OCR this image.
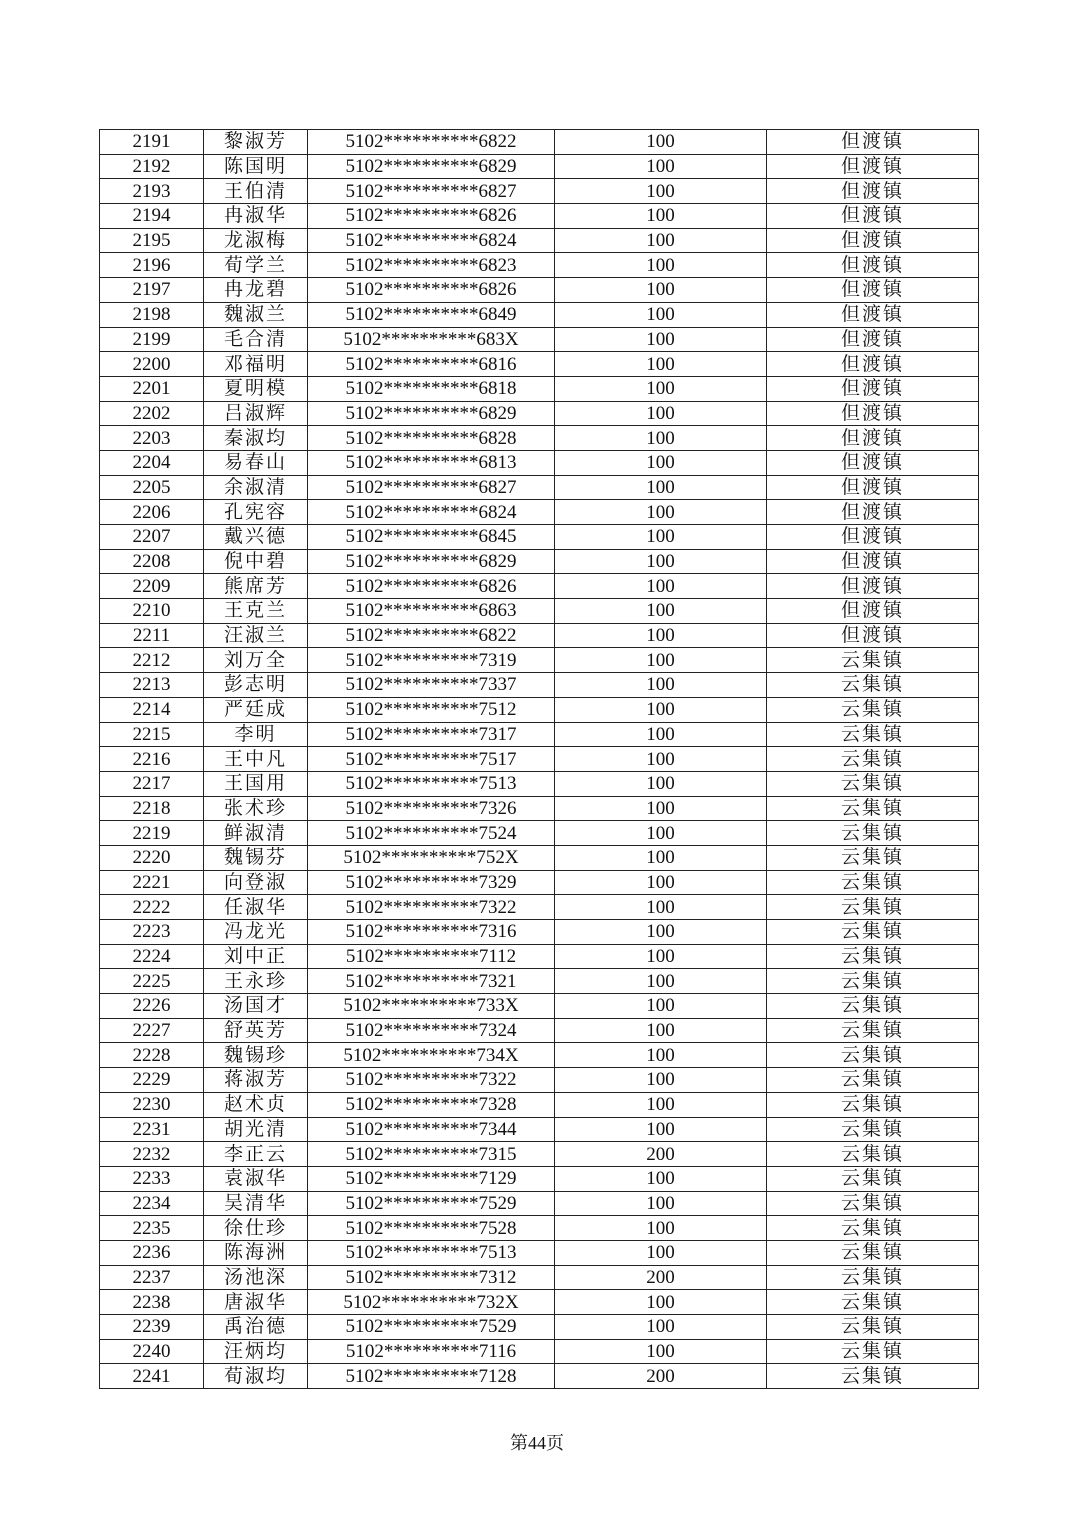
2191	黎淑芳	5102**********6822	100	但渡镇
2192	陈国明	5102**********6829	100	但渡镇
2193	王伯清	5102**********6827	100	但渡镇
2194	冉淑华	5102**********6826	100	但渡镇
2195	龙淑梅	5102**********6824	100	但渡镇
2196	荀学兰	5102**********6823	100	但渡镇
2197	冉龙碧	5102**********6826	100	但渡镇
2198	魏淑兰	5102**********6849	100	但渡镇
2199	毛合清	5102**********683X	100	但渡镇
2200	邓福明	5102**********6816	100	但渡镇
2201	夏明模	5102**********6818	100	但渡镇
2202	吕淑辉	5102**********6829	100	但渡镇
2203	秦淑均	5102**********6828	100	但渡镇
2204	易春山	5102**********6813	100	但渡镇
2205	余淑清	5102**********6827	100	但渡镇
2206	孔宪容	5102**********6824	100	但渡镇
2207	戴兴德	5102**********6845	100	但渡镇
2208	倪中碧	5102**********6829	100	但渡镇
2209	熊席芳	5102**********6826	100	但渡镇
2210	王克兰	5102**********6863	100	但渡镇
2211	汪淑兰	5102**********6822	100	但渡镇
2212	刘万全	5102**********7319	100	云集镇
2213	彭志明	5102**********7337	100	云集镇
2214	严廷成	5102**********7512	100	云集镇
2215	李明	5102**********7317	100	云集镇
2216	王中凡	5102**********7517	100	云集镇
2217	王国用	5102**********7513	100	云集镇
2218	张术珍	5102**********7326	100	云集镇
2219	鲜淑清	5102**********7524	100	云集镇
2220	魏锡芬	5102**********752X	100	云集镇
2221	向登淑	5102**********7329	100	云集镇
2222	任淑华	5102**********7322	100	云集镇
2223	冯龙光	5102**********7316	100	云集镇
2224	刘中正	5102**********7112	100	云集镇
2225	王永珍	5102**********7321	100	云集镇
2226	汤国才	5102**********733X	100	云集镇
2227	舒英芳	5102**********7324	100	云集镇
2228	魏锡珍	5102**********734X	100	云集镇
2229	蒋淑芳	5102**********7322	100	云集镇
2230	赵术贞	5102**********7328	100	云集镇
2231	胡光清	5102**********7344	100	云集镇
2232	李正云	5102**********7315	200	云集镇
2233	袁淑华	5102**********7129	100	云集镇
2234	吴清华	5102**********7529	100	云集镇
2235	徐仕珍	5102**********7528	100	云集镇
2236	陈海洲	5102**********7513	100	云集镇
2237	汤池深	5102**********7312	200	云集镇
2238	唐淑华	5102**********732X	100	云集镇
2239	禹治德	5102**********7529	100	云集镇
2240	汪炳均	5102**********7116	100	云集镇
2241	荀淑均	5102**********7128	200	云集镇
第44页
